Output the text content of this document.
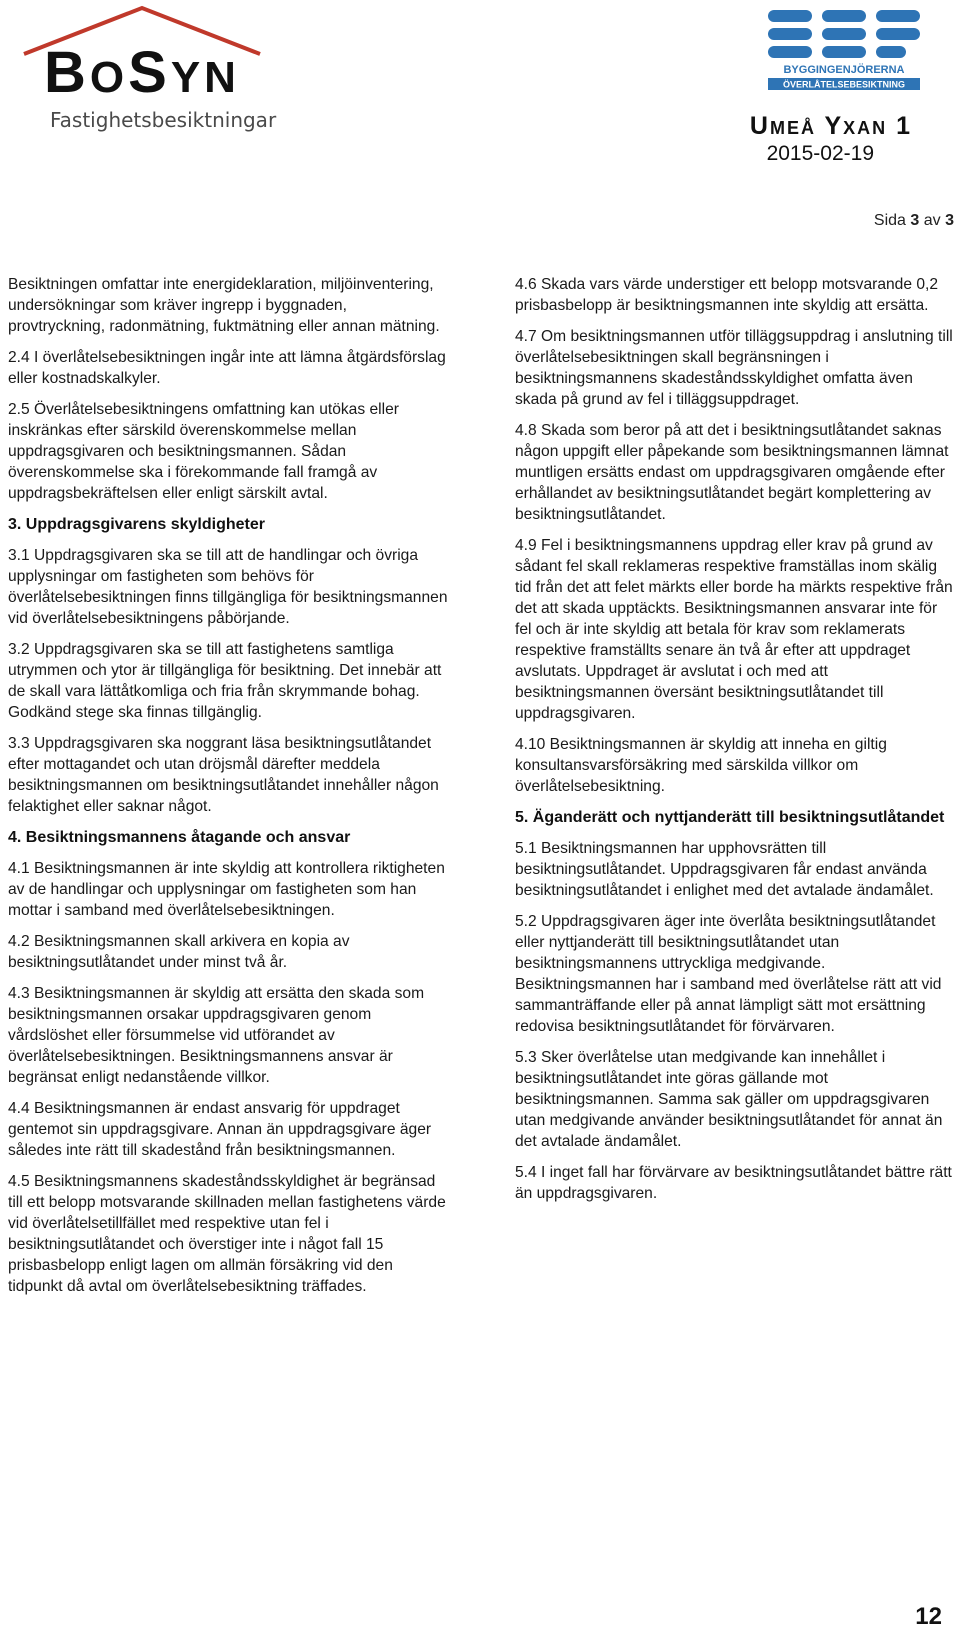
BOSYN
Fastighetsbesiktningar
BYGGINGENJÖRERNA
ÖVERLÅTELSEBESIKTNING
Umeå Yxan 1
2015-02-19
Sida 3 av 3

Besiktningen omfattar inte energideklaration, miljöinventering, undersökningar som kräver ingrepp i byggnaden, provtryckning, radonmätning, fuktmätning eller annan mätning.

2.4 I överlåtelsebesiktningen ingår inte att lämna åtgärdsförslag eller kostnadskalkyler.

2.5 Överlåtelsebesiktningens omfattning kan utökas eller inskränkas efter särskild överenskommelse mellan uppdragsgivaren och besiktningsmannen. Sådan överenskommelse ska i förekommande fall framgå av uppdragsbekräftelsen eller enligt särskilt avtal.

3. Uppdragsgivarens skyldigheter

3.1 Uppdragsgivaren ska se till att de handlingar och övriga upplysningar om fastigheten som behövs för överlåtelsebesiktningen finns tillgängliga för besiktningsmannen vid överlåtelsebesiktningens påbörjande.

3.2 Uppdragsgivaren ska se till att fastighetens samtliga utrymmen och ytor är tillgängliga för besiktning. Det innebär att de skall vara lättåtkomliga och fria från skrymmande bohag. Godkänd stege ska finnas tillgänglig.

3.3 Uppdragsgivaren ska noggrant läsa besiktningsutlåtandet efter mottagandet och utan dröjsmål därefter meddela besiktningsmannen om besiktningsutlåtandet innehåller någon felaktighet eller saknar något.

4. Besiktningsmannens åtagande och ansvar

4.1 Besiktningsmannen är inte skyldig att kontrollera riktigheten av de handlingar och upplysningar om fastigheten som han mottar i samband med överlåtelsebesiktningen.

4.2 Besiktningsmannen skall arkivera en kopia av besiktningsutlåtandet under minst två år.

4.3 Besiktningsmannen är skyldig att ersätta den skada som besiktningsmannen orsakar uppdragsgivaren genom vårdslöshet eller försummelse vid utförandet av överlåtelsebesiktningen. Besiktningsmannens ansvar är begränsat enligt nedanstående villkor.

4.4 Besiktningsmannen är endast ansvarig för uppdraget gentemot sin uppdragsgivare. Annan än uppdragsgivare äger således inte rätt till skadestånd från besiktningsmannen.

4.5 Besiktningsmannens skadeståndsskyldighet är begränsad till ett belopp motsvarande skillnaden mellan fastighetens värde vid överlåtelsetillfället med respektive utan fel i besiktningsutlåtandet och överstiger inte i något fall 15 prisbasbelopp enligt lagen om allmän försäkring vid den tidpunkt då avtal om överlåtelsebesiktning träffades.

4.6 Skada vars värde understiger ett belopp motsvarande 0,2 prisbasbelopp är besiktningsmannen inte skyldig att ersätta.

4.7 Om besiktningsmannen utför tilläggsuppdrag i anslutning till överlåtelsebesiktningen skall begränsningen i besiktningsmannens skadeståndsskyldighet omfatta även skada på grund av fel i tilläggsuppdraget.

4.8 Skada som beror på att det i besiktningsutlåtandet saknas någon uppgift eller påpekande som besiktningsmannen lämnat muntligen ersätts endast om uppdragsgivaren omgående efter erhållandet av besiktningsutlåtandet begärt komplettering av besiktningsutlåtandet.

4.9 Fel i besiktningsmannens uppdrag eller krav på grund av sådant fel skall reklameras respektive framställas inom skälig tid från det att felet märkts eller borde ha märkts respektive från det att skada upptäckts. Besiktningsmannen ansvarar inte för fel och är inte skyldig att betala för krav som reklamerats respektive framställts senare än två år efter att uppdraget avslutats. Uppdraget är avslutat i och med att besiktningsmannen översänt besiktningsutlåtandet till uppdragsgivaren.

4.10 Besiktningsmannen är skyldig att inneha en giltig konsultansvarsförsäkring med särskilda villkor om överlåtelsebesiktning.

5. Äganderätt och nyttjanderätt till besiktningsutlåtandet

5.1 Besiktningsmannen har upphovsrätten till besiktningsutlåtandet. Uppdragsgivaren får endast använda besiktningsutlåtandet i enlighet med det avtalade ändamålet.

5.2 Uppdragsgivaren äger inte överlåta besiktningsutlåtandet eller nyttjanderätt till besiktningsutlåtandet utan besiktningsmannens uttryckliga medgivande. Besiktningsmannen har i samband med överlåtelse rätt att vid sammanträffande eller på annat lämpligt sätt mot ersättning redovisa besiktningsutlåtandet för förvärvaren.

5.3 Sker överlåtelse utan medgivande kan innehållet i besiktningsutlåtandet inte göras gällande mot besiktningsmannen. Samma sak gäller om uppdragsgivaren utan medgivande använder besiktningsutlåtandet för annat än det avtalade ändamålet.

5.4 I inget fall har förvärvare av besiktningsutlåtandet bättre rätt än uppdragsgivaren.

12
